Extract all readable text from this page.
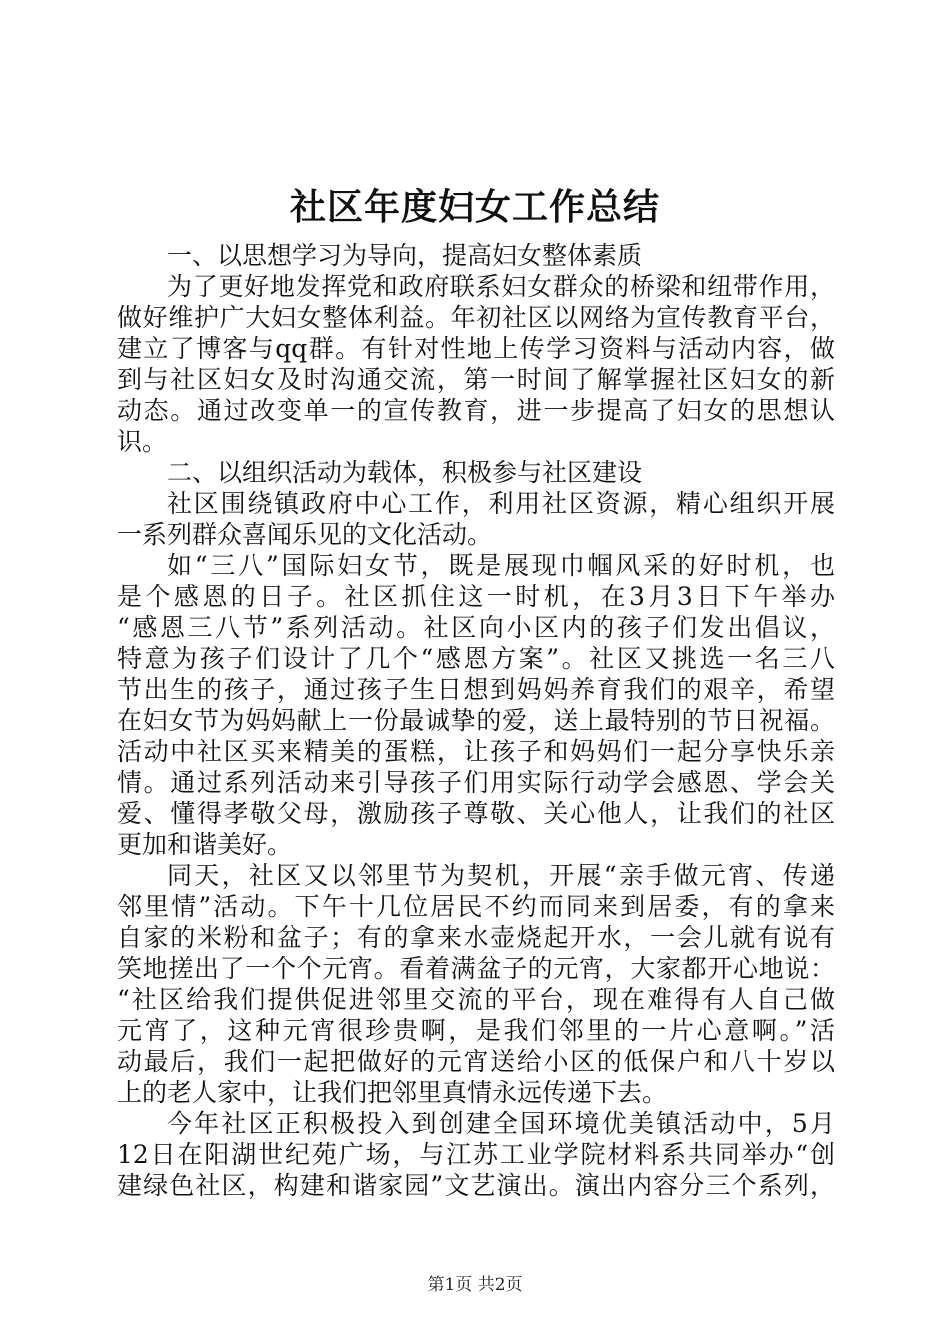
社区年度妇女工作总结
一、以思想学习为导向，提高妇女整体素质
为了更好地发挥党和政府联系妇女群众的桥梁和纽带作用，
做好维护广大妇女整体利益。年初社区以网络为宣传教育平台，
建立了博客与qq群。有针对性地上传学习资料与活动内容，做
到与社区妇女及时沟通交流，第一时间了解掌握社区妇女的新
动态。通过改变单一的宣传教育，进一步提高了妇女的思想认
识。
二、以组织活动为载体，积极参与社区建设
社区围绕镇政府中心工作，利用社区资源，精心组织开展
一系列群众喜闻乐见的文化活动。
如“三八”国际妇女节，既是展现巾帼风采的好时机，也
是个感恩的日子。社区抓住这一时机，在3月3日下午举办
“感恩三八节”系列活动。社区向小区内的孩子们发出倡议，
特意为孩子们设计了几个“感恩方案”。社区又挑选一名三八
节出生的孩子，通过孩子生日想到妈妈养育我们的艰辛，希望
在妇女节为妈妈献上一份最诚挚的爱，送上最特别的节日祝福。
活动中社区买来精美的蛋糕，让孩子和妈妈们一起分享快乐亲
情。通过系列活动来引导孩子们用实际行动学会感恩、学会关
爱、懂得孝敬父母，激励孩子尊敬、关心他人，让我们的社区
更加和谐美好。
同天，社区又以邻里节为契机，开展“亲手做元宵、传递
邻里情”活动。下午十几位居民不约而同来到居委，有的拿来
自家的米粉和盆子；有的拿来水壶烧起开水，一会儿就有说有
笑地搓出了一个个元宵。看着满盆子的元宵，大家都开心地说：
“社区给我们提供促进邻里交流的平台，现在难得有人自己做
元宵了，这种元宵很珍贵啊，是我们邻里的一片心意啊。”活
动最后，我们一起把做好的元宵送给小区的低保户和八十岁以
上的老人家中，让我们把邻里真情永远传递下去。
今年社区正积极投入到创建全国环境优美镇活动中，5月
12日在阳湖世纪苑广场，与江苏工业学院材料系共同举办“创
建绿色社区，构建和谐家园”文艺演出。演出内容分三个系列，
第1页 共2页
